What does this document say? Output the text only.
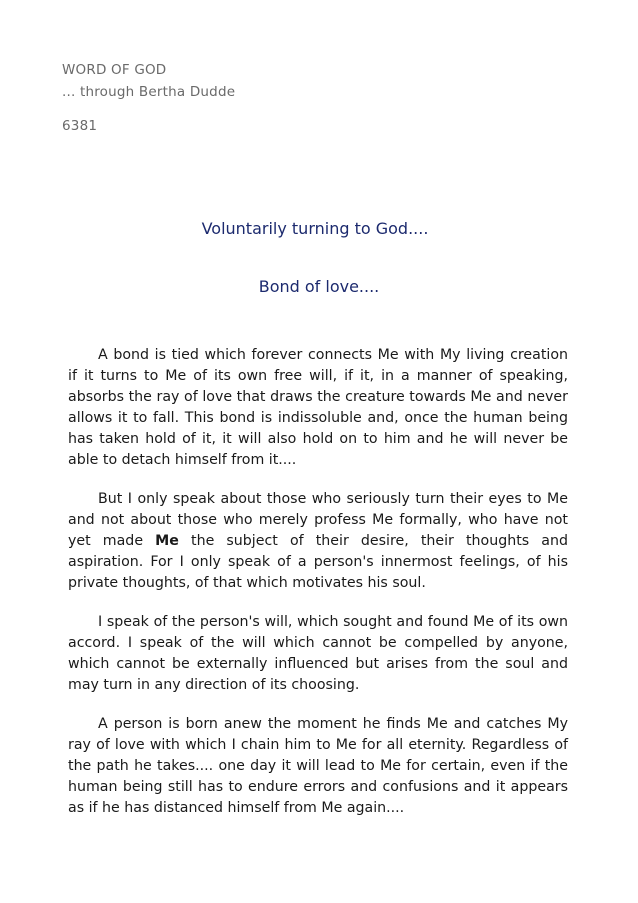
WORD OF GOD
... through Bertha Dudde
6381
Voluntarily turning to God....
Bond of love....

A bond is tied which forever connects Me with My living creation if it turns to Me of its own free will, if it, in a manner of speaking, absorbs the ray of love that draws the creature towards Me and never allows it to fall. This bond is indissoluble and, once the human being has taken hold of it, it will also hold on to him and he will never be able to detach himself from it....

But I only speak about those who seriously turn their eyes to Me and not about those who merely profess Me formally, who have not yet made Me the subject of their desire, their thoughts and aspiration. For I only speak of a person's innermost feelings, of his private thoughts, of that which motivates his soul.

I speak of the person's will, which sought and found Me of its own accord. I speak of the will which cannot be compelled by anyone, which cannot be externally influenced but arises from the soul and may turn in any direction of its choosing.

A person is born anew the moment he finds Me and catches My ray of love with which I chain him to Me for all eternity. Regardless of the path he takes.... one day it will lead to Me for certain, even if the human being still has to endure errors and confusions and it appears as if he has distanced himself from Me again....
